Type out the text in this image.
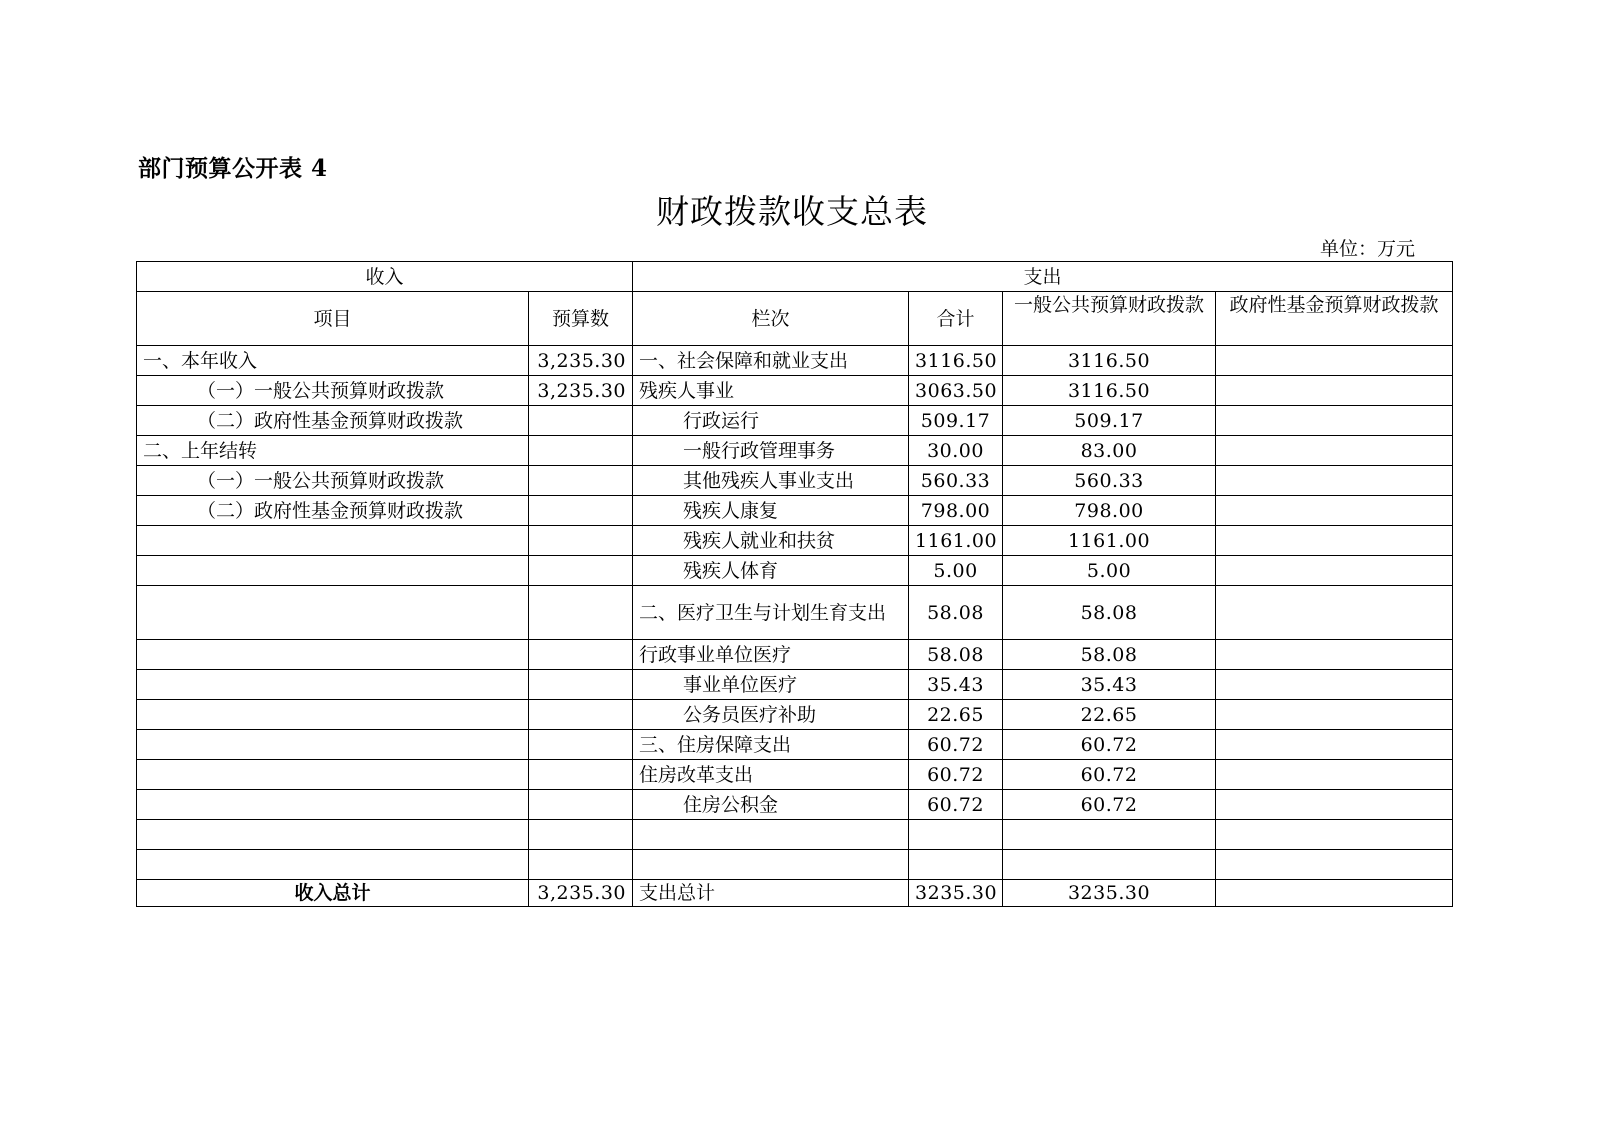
部门预算公开表 4
财政拨款收支总表
单位：万元
收入		支出			
项目	预算数	栏次	合计	一般公共预算财政拨款	政府性基金预算财政拨款
一、本年收入	3,235.30	一、社会保障和就业支出	3116.50	3116.50	
（一）一般公共预算财政拨款	3,235.30	残疾人事业	3063.50	3116.50	
（二）政府性基金预算财政拨款		行政运行	509.17	509.17	
二、上年结转		一般行政管理事务	30.00	83.00	
（一）一般公共预算财政拨款		其他残疾人事业支出	560.33	560.33	
（二）政府性基金预算财政拨款		残疾人康复	798.00	798.00	
		残疾人就业和扶贫	1161.00	1161.00	
		残疾人体育	5.00	5.00	
		二、医疗卫生与计划生育支出	58.08	58.08	
		行政事业单位医疗	58.08	58.08	
		事业单位医疗	35.43	35.43	
		公务员医疗补助	22.65	22.65	
		三、住房保障支出	60.72	60.72	
		住房改革支出	60.72	60.72	
		住房公积金	60.72	60.72	

收入总计	3,235.30	支出总计	3235.30	3235.30	
